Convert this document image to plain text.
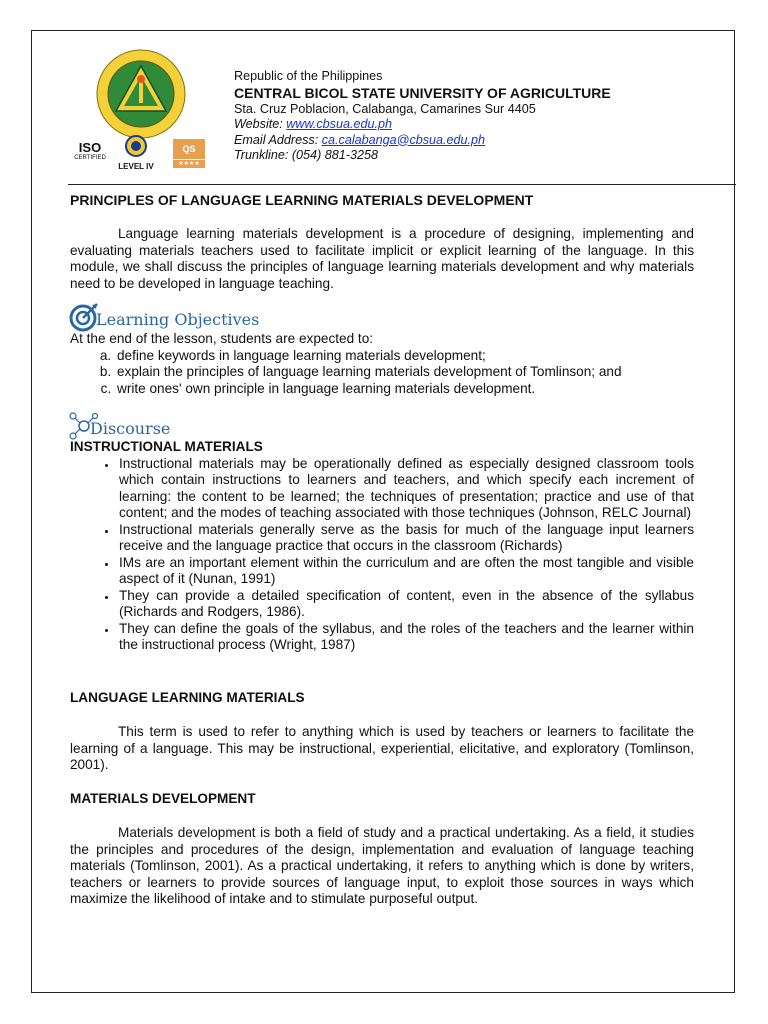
ISO
CERTIFIED
LEVEL IV
QS
★★★★
Republic of the Philippines
CENTRAL BICOL STATE UNIVERSITY OF AGRICULTURE
Sta. Cruz Poblacion, Calabanga, Camarines Sur 4405
Website: www.cbsua.edu.ph
Email Address: ca.calabanga@cbsua.edu.ph
Trunkline: (054) 881-3258
PRINCIPLES OF LANGUAGE LEARNING MATERIALS DEVELOPMENT
Language learning materials development is a procedure of designing, implementing and evaluating materials teachers used to facilitate implicit or explicit learning of the language. In this module, we shall discuss the principles of language learning materials development and why materials need to be developed in language teaching.
Learning Objectives
At the end of the lesson, students are expected to:
a. define keywords in language learning materials development;
b. explain the principles of language learning materials development of Tomlinson; and
c. write ones' own principle in language learning materials development.
Discourse
INSTRUCTIONAL MATERIALS
• Instructional materials may be operationally defined as especially designed classroom tools which contain instructions to learners and teachers, and which specify each increment of learning: the content to be learned; the techniques of presentation; practice and use of that content; and the modes of teaching associated with those techniques (Johnson, RELC Journal)
• Instructional materials generally serve as the basis for much of the language input learners receive and the language practice that occurs in the classroom (Richards)
• IMs are an important element within the curriculum and are often the most tangible and visible aspect of it (Nunan, 1991)
• They can provide a detailed specification of content, even in the absence of the syllabus (Richards and Rodgers, 1986).
• They can define the goals of the syllabus, and the roles of the teachers and the learner within the instructional process (Wright, 1987)
LANGUAGE LEARNING MATERIALS
This term is used to refer to anything which is used by teachers or learners to facilitate the learning of a language. This may be instructional, experiential, elicitative, and exploratory (Tomlinson, 2001).
MATERIALS DEVELOPMENT
Materials development is both a field of study and a practical undertaking. As a field, it studies the principles and procedures of the design, implementation and evaluation of language teaching materials (Tomlinson, 2001). As a practical undertaking, it refers to anything which is done by writers, teachers or learners to provide sources of language input, to exploit those sources in ways which maximize the likelihood of intake and to stimulate purposeful output.
